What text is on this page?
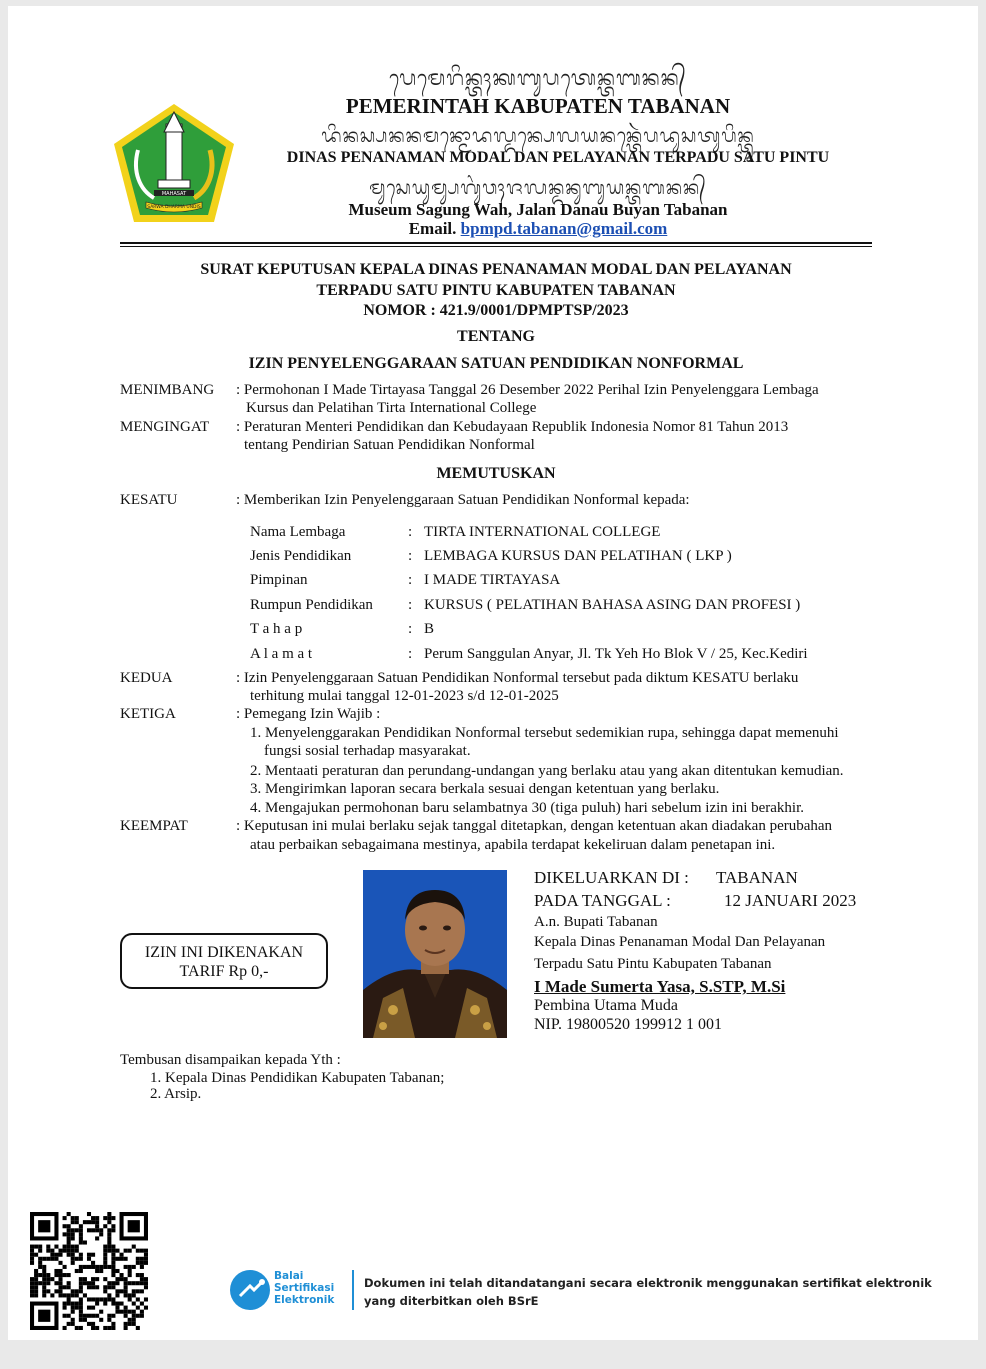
MAHASAT
SARWA DHARMA UNDIS
ᬧᬾᬫᬾᬭᬶᬦ᭄ᬢᬄᬓᬩᬸᬧᬢᬾᬦ᭄ᬢᬩᬦᬦ᭄
PEMERINTAH KABUPATEN TABANAN
ᬤᬶᬦᬲ᭄ᬧᬦᬦᬫᬦ᭄ᬫᭀᬤᬮ᭄ᬤᬦ᭄ᬧᬾᬮᬬᬦᬦ᭄ᬢᬾᬃᬧᬤᬸᬲᬢᬸᬧᬶᬦ᭄ᬢᬸ
DINAS PENANAMAN MODAL DAN PELAYANAN TERPADU SATU PINTU
ᬫᬸᬲᬾᬬᬸᬫ᭄ᬲᬕᬸᬂᬯᬄᬚᬮᬦ᭄ᬤᬦᬸᬩᬸᬬᬦ᭄ᬢᬩᬦᬦ᭄
Museum Sagung Wah, Jalan Danau Buyan Tabanan
Email. bpmpd.tabanan@gmail.com
SURAT KEPUTUSAN KEPALA DINAS PENANAMAN MODAL DAN PELAYANAN
TERPADU SATU PINTU KABUPATEN TABANAN
NOMOR : 421.9/0001/DPMPTSP/2023
TENTANG
IZIN PENYELENGGARAAN SATUAN PENDIDIKAN NONFORMAL
MENIMBANG : Permohonan I Made Tirtayasa Tanggal 26 Desember 2022 Perihal Izin Penyelenggara Lembaga
Kursus dan Pelatihan Tirta International College
MENGINGAT : Peraturan Menteri Pendidikan dan Kebudayaan Republik Indonesia Nomor 81 Tahun 2013
tentang Pendirian Satuan Pendidikan Nonformal
MEMUTUSKAN
KESATU	: Memberikan Izin Penyelenggaraan Satuan Pendidikan Nonformal kepada:
Nama Lembaga	: TIRTA INTERNATIONAL COLLEGE
Jenis Pendidikan	: LEMBAGA KURSUS DAN PELATIHAN ( LKP )
Pimpinan	: I MADE TIRTAYASA
Rumpun Pendidikan : KURSUS ( PELATIHAN BAHASA ASING DAN PROFESI )
T a h a p	: B
A l a m a t	: Perum Sanggulan Anyar, Jl. Tk Yeh Ho Blok V / 25, Kec.Kediri
KEDUA	: Izin Penyelenggaraan Satuan Pendidikan Nonformal tersebut pada diktum KESATU berlaku
terhitung mulai tanggal 12-01-2023 s/d 12-01-2025
KETIGA	: Pemegang Izin Wajib :
1. Menyelenggarakan Pendidikan Nonformal tersebut sedemikian rupa, sehingga dapat memenuhi
fungsi sosial terhadap masyarakat.
2. Mentaati peraturan dan perundang-undangan yang berlaku atau yang akan ditentukan kemudian.
3. Mengirimkan laporan secara berkala sesuai dengan ketentuan yang berlaku.
4. Mengajukan permohonan baru selambatnya 30 (tiga puluh) hari sebelum izin ini berakhir.
KEEMPAT	: Keputusan ini mulai berlaku sejak tanggal ditetapkan, dengan ketentuan akan diadakan perubahan
atau perbaikan sebagaimana mestinya, apabila terdapat kekeliruan dalam penetapan ini.
IZIN INI DIKENAKAN
TARIF Rp 0,-
DIKELUARKAN DI : TABANAN
PADA TANGGAL :	12 JANUARI 2023
A.n. Bupati Tabanan
Kepala Dinas Penanaman Modal Dan Pelayanan
Terpadu Satu Pintu Kabupaten Tabanan
I Made Sumerta Yasa, S.STP, M.Si
Pembina Utama Muda
NIP. 19800520 199912 1 001
Tembusan disampaikan kepada Yth :
1. Kepala Dinas Pendidikan Kabupaten Tabanan;
2. Arsip.
Balai
Sertifikasi
Elektronik
Dokumen ini telah ditandatangani secara elektronik menggunakan sertifikat elektronik
yang diterbitkan oleh BSrE
